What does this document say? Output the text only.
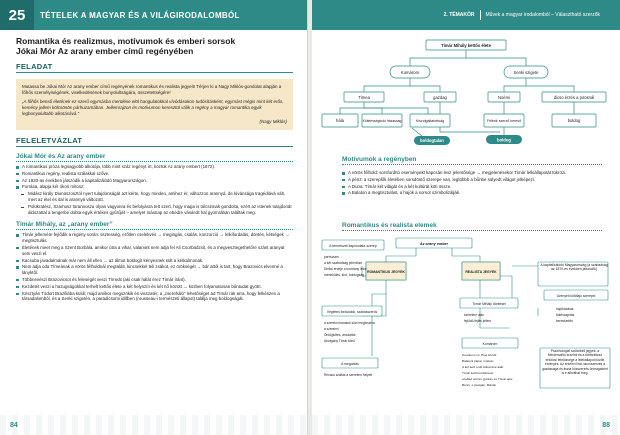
25	TÉTELEK A MAGYAR ÉS A VILÁGIRODALOMBÓL
Romantika és realizmus, motívumok és emberi sorsok
Jókai Mór Az arany ember című regényében
FELADAT
Mutassa be Jókai Mór Az arany ember című regényének romantikus és realista jegyeit! Térjen ki a Nagy Miklós-gondolat alapján a főhős személyiségének, viselkedésének bonyolultságára, összetettségére!
„A főhős benső életének ez-szerű egymásba merülése elöl hangulatokkal vívódásokon tudósításként, egymást mégis mint két erős, kemény jellem kölcsönös párhuzamában. Jellemrajzon és motívumon keresztül válik a regény a magyar romantika egyik legbonyolultabb alkotásává.”
(Nagy Miklós)
FELELETVÁZLAT
Jókai Mór és Az arany ember
A romantikus próza legnagyobb alkotója, több mint száz regényt írt, köztük Az arany embert (1872).
Romantikus regény, realista szálakkal szőve.
Az 1920-as években játszódik a kapitalizálódó Magyarországon.
Forrása, alapja két ókori mítosz:
Midász király Dionüszosztól nyert tulajdonságát azt kérte, hogy minden, amihez ér, változzon arannyá, de kívánsága tragédiává vált, mert az étel és ital is arannyá változott.
Polükratész, Szamosz türannosza olyan vagyonra és befolyásra tett szert, hogy maga is túlcsinnak gondolta, ezért az istenek tulajdonát áldozattal a tengerbe dobta egyik értékes gyűrűjét – amelyet másnap az ebédre vásárolt hal gyomrában találtak meg.
Tímár Mihály, az „arany ember”
Tímár jellemére fejlődik a regény során: tisztesség, erőtlen cselekvés → megingás, csalás, konzorció → lelkifurdalás, döntés, kétségek → megtisztulás.
Életének meet meg a Szent Borbála, amikor útra a vihar, valamint nem adja fel Ali Csorbadzsit, és a megvesztegethetőre szánt aranyat sem veszi el.
Kacsuba javadalmának már nem áll ellen → az álmot boldogít kényesnek sült a kétkalmonak.
Nem adja oda Tímeának a vörös félholdnál megtalált, kincsekkel teli zsákot, ez örökségét → bár attól is tart, hogy Brazovics elvenné a lányktől.
Többnevészi Brazovicsot és feleségét veszi Tímeát (aki csak hálát érez Tímár iránt).
Kezdetét veszi a hazugságokkal terhelt kettős élete a két helyszín és két nő között → közben folyamatosan bűntudat gyötri.
Krisztyán Tódort Brazíliába küldi; majd amikor megszökik és visszatér, a „csereháló” lehetőséget ad Tímár rak arra, hogy felkészen a társadalomból, és a Senki szigetén, a paradicsomi idillben (rousseau-i természeti állapot) találja meg boldogságát.
84
2. TÉMAKÖR Művek a magyar irodalomból – Választható szerzők
Tímár Mihály kettős élete
Komárom	Senki szigete
Tímea	gazdag	Noémi	dicso érzés a pirosnál
hála	Kötelességtudó házasság	Kiszolgáltatottság	Félénk szerző kereső	boldog
boldogtalan	boldog
Motívumok a regényben
A vörös félhold: sorsfordító eseményekt kapcsán lesz jelentősége → megjelenésekor Tímár lelkiállapotát tükrözi.
A pénz: a szereplők életében sorsdöntő szerepe van, legtöbbb a bűnbe sülyedt világot jelképezi.
A Duna: Tímár két világát és a két kultúrát köti össze.
A Balaton a megtisztulást, a hajók a sorsot szimbolizálják.
Romantikus és realista elemek
Az arany ember
ROMANTIKUS JEGYEK	REALISTA JEGYEK
A természet kapcsolata szerep
párhuzam
a két szabadság jelentősé
Dinlisi erdeje a kormány létra
menekülés, kiút, boldogság
Végletes fordulatok, szabásszerűs
a szerelmi bánatok közt megfosztva
a szerelmi
Ördögkötés, ámulatba
Akvágány Tímár körül
A megoldás
Rénacs szállás a szerelem helyett
Tímár Mihály döntései
szerelem után
fejlődő-fejlés jellem
Komárom
Komárom vs. Pest között
Balatoni pápai, miskolc
A két kézi erdő tükrözése alatt
Tímár kettő kurtűléssel
szabad vérzés gyötrés és Tímár apa-
Benni, e jóvágán, Mának
A kapitalizálódó Magyarország (a szabadság az 1870-es években játszódik)
Üzenyeti kötőfajú szerepel
hajókázásai
tőkéscapitás
kereskedés
Pszichológiai szótárbeli jegyek: a Mindenváltó érzelmi és a többváltozó erkölcsi felelőssége a lélekállapot között érvényes. Az érzelmi lírai rokonszerzés a gazdasága és tiszta közszerzés önmagaként is e alkotthat meg.
88
